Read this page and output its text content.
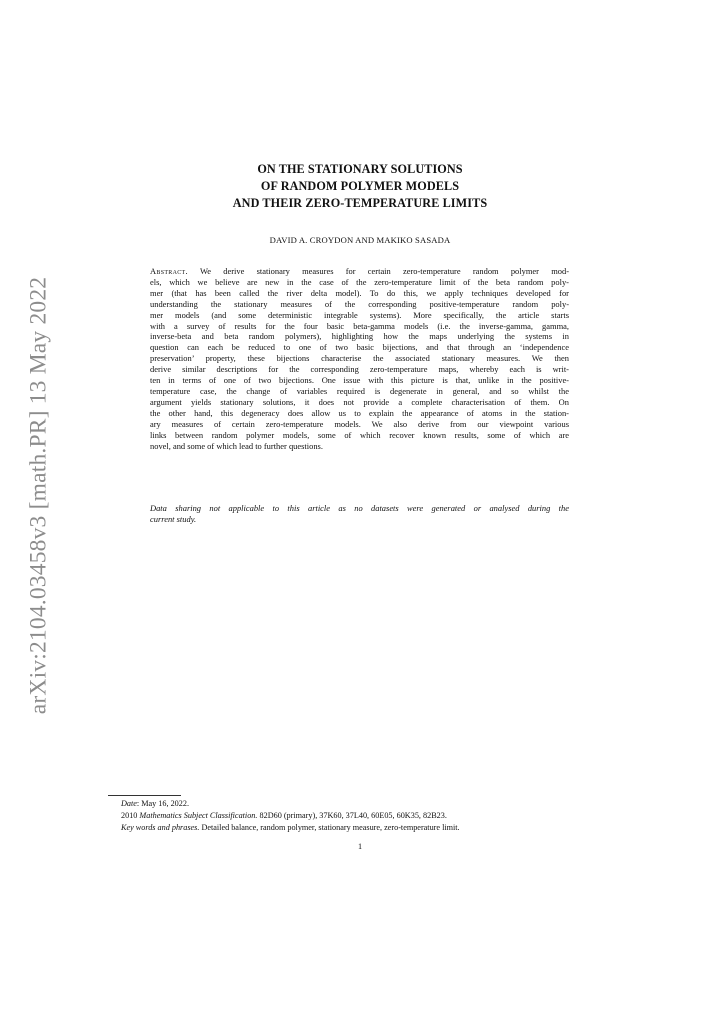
arXiv:2104.03458v3 [math.PR] 13 May 2022
ON THE STATIONARY SOLUTIONS
OF RANDOM POLYMER MODELS
AND THEIR ZERO-TEMPERATURE LIMITS
DAVID A. CROYDON AND MAKIKO SASADA
Abstract. We derive stationary measures for certain zero-temperature random polymer mod-
els, which we believe are new in the case of the zero-temperature limit of the beta random poly-
mer (that has been called the river delta model). To do this, we apply techniques developed for
understanding the stationary measures of the corresponding positive-temperature random poly-
mer models (and some deterministic integrable systems). More specifically, the article starts
with a survey of results for the four basic beta-gamma models (i.e. the inverse-gamma, gamma,
inverse-beta and beta random polymers), highlighting how the maps underlying the systems in
question can each be reduced to one of two basic bijections, and that through an ‘independence
preservation’ property, these bijections characterise the associated stationary measures. We then
derive similar descriptions for the corresponding zero-temperature maps, whereby each is writ-
ten in terms of one of two bijections. One issue with this picture is that, unlike in the positive-
temperature case, the change of variables required is degenerate in general, and so whilst the
argument yields stationary solutions, it does not provide a complete characterisation of them. On
the other hand, this degeneracy does allow us to explain the appearance of atoms in the station-
ary measures of certain zero-temperature models. We also derive from our viewpoint various
links between random polymer models, some of which recover known results, some of which are
novel, and some of which lead to further questions.
Data sharing not applicable to this article as no datasets were generated or analysed during the
current study.
Date: May 16, 2022.
2010 Mathematics Subject Classification. 82D60 (primary), 37K60, 37L40, 60E05, 60K35, 82B23.
Key words and phrases. Detailed balance, random polymer, stationary measure, zero-temperature limit.
1
